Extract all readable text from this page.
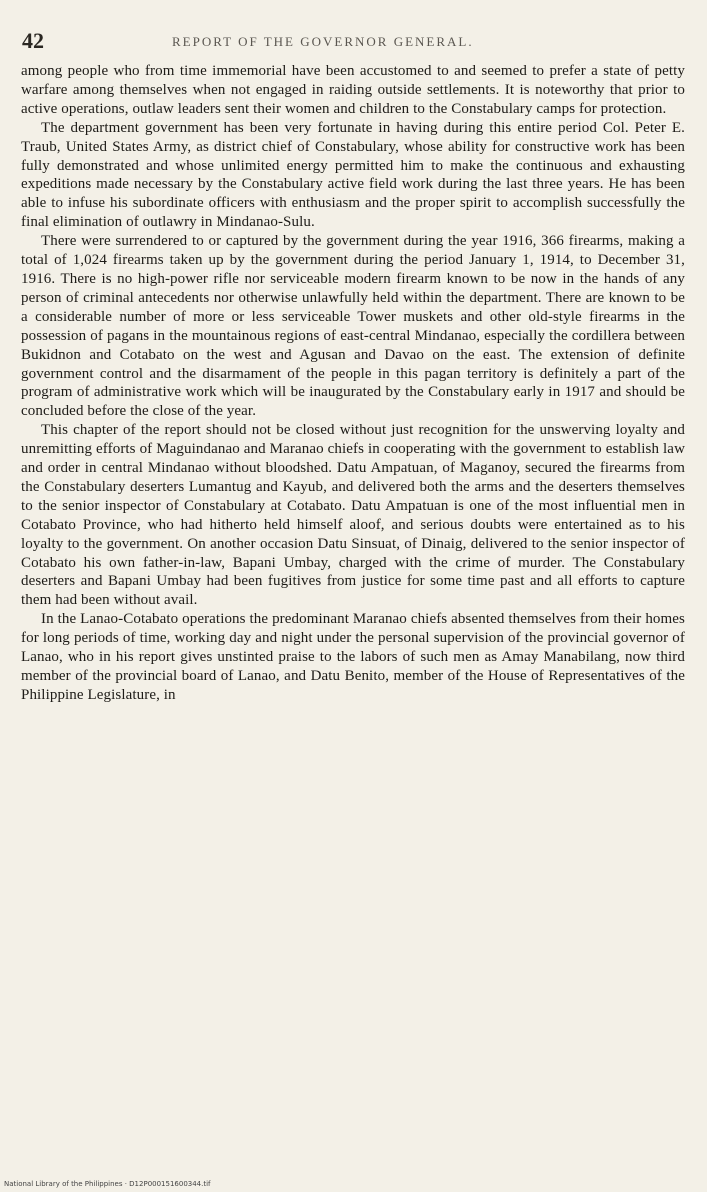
42	REPORT OF THE GOVERNOR GENERAL.

among people who from time immemorial have been accustomed to and seemed to prefer a state of petty warfare among themselves when not engaged in raiding outside settlements. It is noteworthy that prior to active operations, outlaw leaders sent their women and children to the Constabulary camps for protection.

The department government has been very fortunate in having during this entire period Col. Peter E. Traub, United States Army, as district chief of Constabulary, whose ability for constructive work has been fully demonstrated and whose unlimited energy permitted him to make the continuous and exhausting expeditions made necessary by the Constabulary active field work during the last three years. He has been able to infuse his subordinate officers with enthusiasm and the proper spirit to accomplish successfully the final elimination of outlawry in Mindanao-Sulu.

There were surrendered to or captured by the government during the year 1916, 366 firearms, making a total of 1,024 firearms taken up by the government during the period January 1, 1914, to December 31, 1916. There is no high-power rifle nor serviceable modern firearm known to be now in the hands of any person of criminal antecedents nor otherwise unlawfully held within the department. There are known to be a considerable number of more or less serviceable Tower muskets and other old-style firearms in the possession of pagans in the mountainous regions of east-central Mindanao, especially the cordillera between Bukidnon and Cotabato on the west and Agusan and Davao on the east. The extension of definite government control and the disarmament of the people in this pagan territory is definitely a part of the program of administrative work which will be inaugurated by the Constabulary early in 1917 and should be concluded before the close of the year.

This chapter of the report should not be closed without just recognition for the unswerving loyalty and unremitting efforts of Maguindanao and Maranao chiefs in cooperating with the government to establish law and order in central Mindanao without bloodshed. Datu Ampatuan, of Maganoy, secured the firearms from the Constabulary deserters Lumantug and Kayub, and delivered both the arms and the deserters themselves to the senior inspector of Constabulary at Cotabato. Datu Ampatuan is one of the most influential men in Cotabato Province, who had hitherto held himself aloof, and serious doubts were entertained as to his loyalty to the government. On another occasion Datu Sinsuat, of Dinaig, delivered to the senior inspector of Cotabato his own father-in-law, Bapani Umbay, charged with the crime of murder. The Constabulary deserters and Bapani Umbay had been fugitives from justice for some time past and all efforts to capture them had been without avail.

In the Lanao-Cotabato operations the predominant Maranao chiefs absented themselves from their homes for long periods of time, working day and night under the personal supervision of the provincial governor of Lanao, who in his report gives unstinted praise to the labors of such men as Amay Manabilang, now third member of the provincial board of Lanao, and Datu Benito, member of the House of Representatives of the Philippine Legislature, in

National Library of the Philippines · D12P000151600344.tif
